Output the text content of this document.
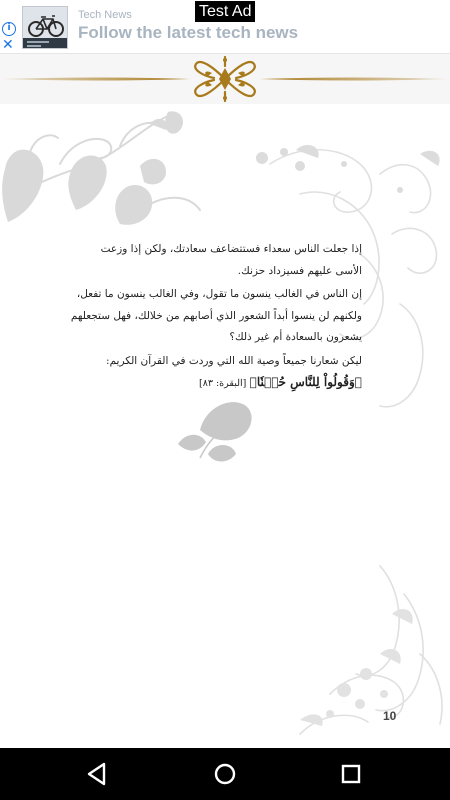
i
✕
Tech News
Follow the latest tech news
Test Ad
إذا جعلت الناس سعداء فستتضاعف سعادتك، ولكن إذا وزعت
الأسى عليهم فسيزداد حزنك.
إن الناس في الغالب ينسون ما تقول، وفي الغالب ينسون ما تفعل،
ولكنهم لن ينسوا أبداً الشعور الذي أصابهم من خلالك، فهل ستجعلهم
يشعرون بالسعادة أم غير ذلك؟
ليكن شعارنا جميعاً وصية الله التي وردت في القرآن الكريم:
﴿وَقُولُواْ لِلنَّاسِ حُسۡنٗا﴾ [البقرة: ٨٣]
10
